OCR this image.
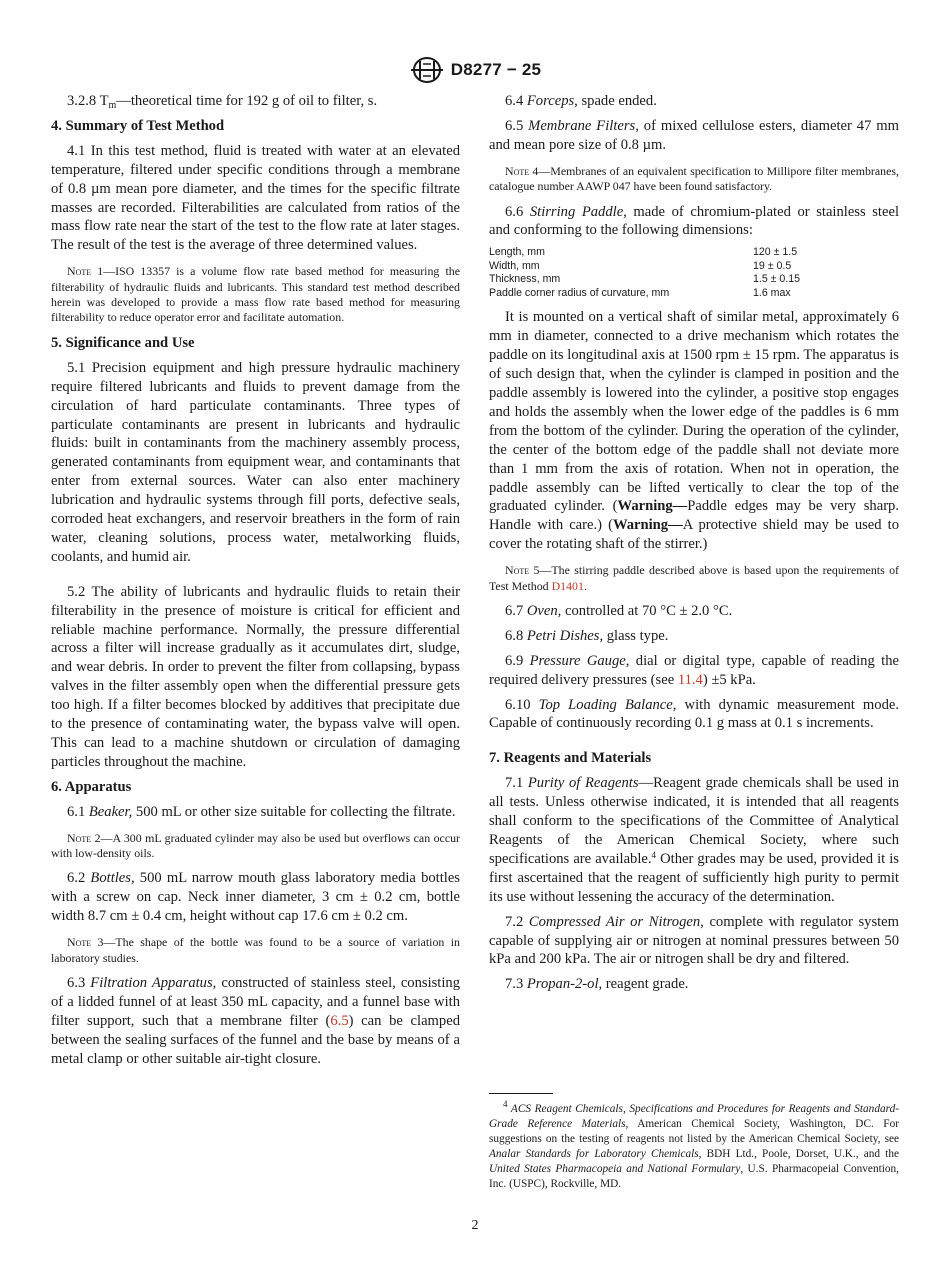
D8277 − 25

3.2.8 $T_m—theoretical$ time for 192 g of oil to filter, s.

4. Summary of Test Method

4.1 In this test method, fluid is treated with water at an elevated temperature, filtered under specific conditions through a membrane of 0.8 µm mean pore diameter, and the times for the specific filtrate masses are recorded. Filterabilities are calculated from ratios of the mass flow rate near the start of the test to the flow rate at later stages. The result of the test is the average of three determined values.

Note 1—ISO 13357 is a volume flow rate based method for measuring the filterability of hydraulic fluids and lubricants. This standard test method described herein was developed to provide a mass flow rate based method for measuring filterability to reduce operator error and facilitate automation.

5. Significance and Use

5.1 Precision equipment and high pressure hydraulic machinery require filtered lubricants and fluids to prevent damage from the circulation of hard particulate contaminants. Three types of particulate contaminants are present in lubricants and hydraulic fluids: built in contaminants from the machinery assembly process, generated contaminants from equipment wear, and contaminants that enter from external sources. Water can also enter machinery lubrication and hydraulic systems through fill ports, defective seals, corroded heat exchangers, and reservoir breathers in the form of rain water, cleaning solutions, process water, metalworking fluids, coolants, and humid air.

5.2 The ability of lubricants and hydraulic fluids to retain their filterability in the presence of moisture is critical for efficient and reliable machine performance. Normally, the pressure differential across a filter will increase gradually as it accumulates dirt, sludge, and wear debris. In order to prevent the filter from collapsing, bypass valves in the filter assembly open when the differential pressure gets too high. If a filter becomes blocked by additives that precipitate due to the presence of contaminating water, the bypass valve will open. This can lead to a machine shutdown or circulation of damaging particles throughout the machine.

6. Apparatus

6.1 Beaker, 500 mL or other size suitable for collecting the filtrate.

Note 2—A 300 mL graduated cylinder may also be used but overflows can occur with low-density oils.

6.2 Bottles, 500 mL narrow mouth glass laboratory media bottles with a screw on cap. Neck inner diameter, 3 cm ± 0.2 cm, bottle width 8.7 cm ± 0.4 cm, height without cap 17.6 cm ± 0.2 cm.

Note 3—The shape of the bottle was found to be a source of variation in laboratory studies.

6.3 Filtration Apparatus, constructed of stainless steel, consisting of a lidded funnel of at least 350 mL capacity, and a funnel base with filter support, such that a membrane filter (6.5) can be clamped between the sealing surfaces of the funnel and the base by means of a metal clamp or other suitable air-tight closure.

6.4 Forceps, spade ended.

6.5 Membrane Filters, of mixed cellulose esters, diameter 47 mm and mean pore size of 0.8 µm.

Note 4—Membranes of an equivalent specification to Millipore filter membranes, catalogue number AAWP 047 have been found satisfactory.

6.6 Stirring Paddle, made of chromium-plated or stainless steel and conforming to the following dimensions:

Length, mm	120 ± 1.5
Width, mm	19 ± 0.5
Thickness, mm	1.5 ± 0.15
Paddle corner radius of curvature, mm	1.6 max

It is mounted on a vertical shaft of similar metal, approximately 6 mm in diameter, connected to a drive mechanism which rotates the paddle on its longitudinal axis at 1500 rpm ± 15 rpm. The apparatus is of such design that, when the cylinder is clamped in position and the paddle assembly is lowered into the cylinder, a positive stop engages and holds the assembly when the lower edge of the paddles is 6 mm from the bottom of the cylinder. During the operation of the cylinder, the center of the bottom edge of the paddle shall not deviate more than 1 mm from the axis of rotation. When not in operation, the paddle assembly can be lifted vertically to clear the top of the graduated cylinder. (Warning—Paddle edges may be very sharp. Handle with care.) (Warning—A protective shield may be used to cover the rotating shaft of the stirrer.)

Note 5—The stirring paddle described above is based upon the requirements of Test Method D1401.

6.7 Oven, controlled at 70 °C ± 2.0 °C.

6.8 Petri Dishes, glass type.

6.9 Pressure Gauge, dial or digital type, capable of reading the required delivery pressures (see 11.4) ±5 kPa.

6.10 Top Loading Balance, with dynamic measurement mode. Capable of continuously recording 0.1 g mass at 0.1 s increments.

7. Reagents and Materials

7.1 Purity of Reagents—Reagent grade chemicals shall be used in all tests. Unless otherwise indicated, it is intended that all reagents shall conform to the specifications of the Committee of Analytical Reagents of the American Chemical Society, where such specifications are available.$^4$ Other grades may be used, provided it is first ascertained that the reagent of sufficiently high purity to permit its use without lessening the accuracy of the determination.

7.2 Compressed Air or Nitrogen, complete with regulator system capable of supplying air or nitrogen at nominal pressures between 50 kPa and 200 kPa. The air or nitrogen shall be dry and filtered.

7.3 Propan-2-ol, reagent grade.

$^4$ ACS Reagent Chemicals, Specifications and Procedures for Reagents and Standard-Grade Reference Materials, American Chemical Society, Washington, DC. For suggestions on the testing of reagents not listed by the American Chemical Society, see Analar Standards for Laboratory Chemicals, BDH Ltd., Poole, Dorset, U.K., and the United States Pharmacopeia and National Formulary, U.S. Pharmacopeial Convention, Inc. (USPC), Rockville, MD.

2
